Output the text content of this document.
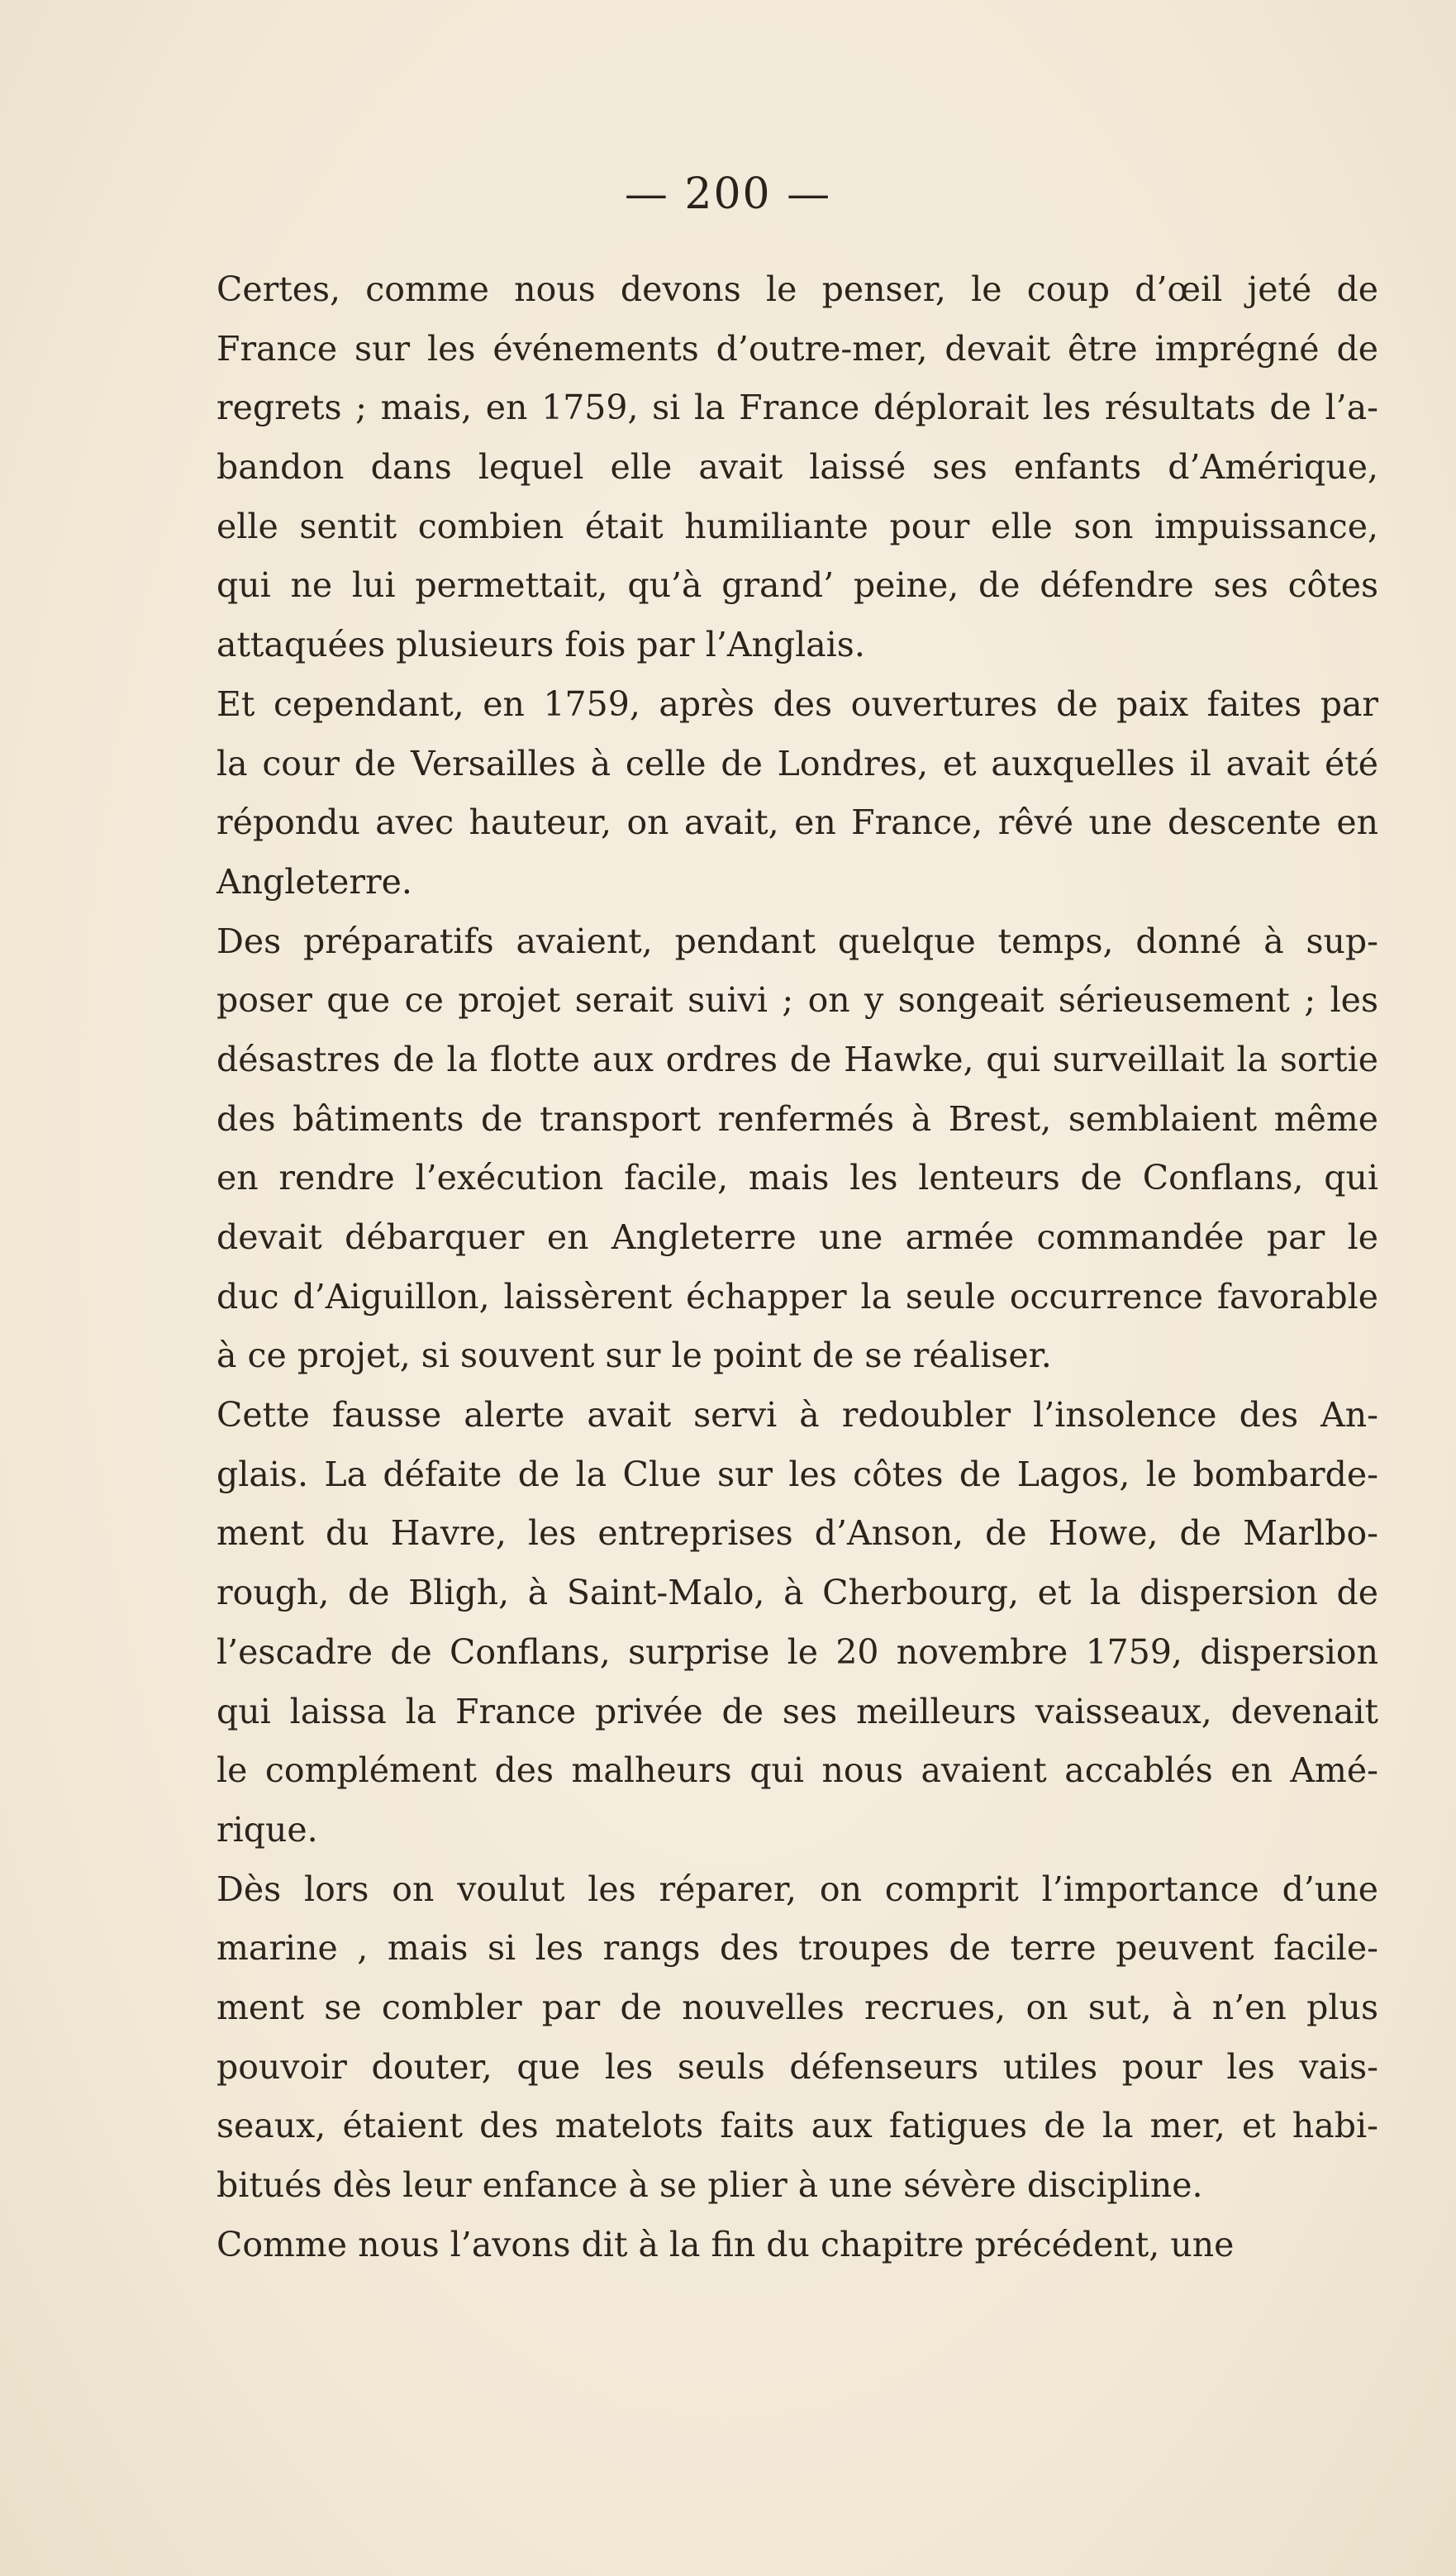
— 200 —

Certes, comme nous devons le penser, le coup d’œil jeté de
France sur les événements d’outre-mer, devait être imprégné de
regrets ; mais, en 1759, si la France déplorait les résultats de l’a-
bandon dans lequel elle avait laissé ses enfants d’Amérique,
elle sentit combien était humiliante pour elle son impuissance,
qui ne lui permettait, qu’à grand’ peine, de défendre ses côtes
attaquées plusieurs fois par l’Anglais.

Et cependant, en 1759, après des ouvertures de paix faites par
la cour de Versailles à celle de Londres, et auxquelles il avait été
répondu avec hauteur, on avait, en France, rêvé une descente en
Angleterre.

Des préparatifs avaient, pendant quelque temps, donné à sup-
poser que ce projet serait suivi ; on y songeait sérieusement ; les
désastres de la flotte aux ordres de Hawke, qui surveillait la sortie
des bâtiments de transport renfermés à Brest, semblaient même
en rendre l’exécution facile, mais les lenteurs de Conflans, qui
devait débarquer en Angleterre une armée commandée par le
duc d’Aiguillon, laissèrent échapper la seule occurrence favorable
à ce projet, si souvent sur le point de se réaliser.

Cette fausse alerte avait servi à redoubler l’insolence des An-
glais. La défaite de la Clue sur les côtes de Lagos, le bombarde-
ment du Havre, les entreprises d’Anson, de Howe, de Marlbo-
rough, de Bligh, à Saint-Malo, à Cherbourg, et la dispersion de
l’escadre de Conflans, surprise le 20 novembre 1759, dispersion
qui laissa la France privée de ses meilleurs vaisseaux, devenait
le complément des malheurs qui nous avaient accablés en Amé-
rique.

Dès lors on voulut les réparer, on comprit l’importance d’une
marine , mais si les rangs des troupes de terre peuvent facile-
ment se combler par de nouvelles recrues, on sut, à n’en plus
pouvoir douter, que les seuls défenseurs utiles pour les vais-
seaux, étaient des matelots faits aux fatigues de la mer, et habi-
bitués dès leur enfance à se plier à une sévère discipline.

Comme nous l’avons dit à la fin du chapitre précédent, une
